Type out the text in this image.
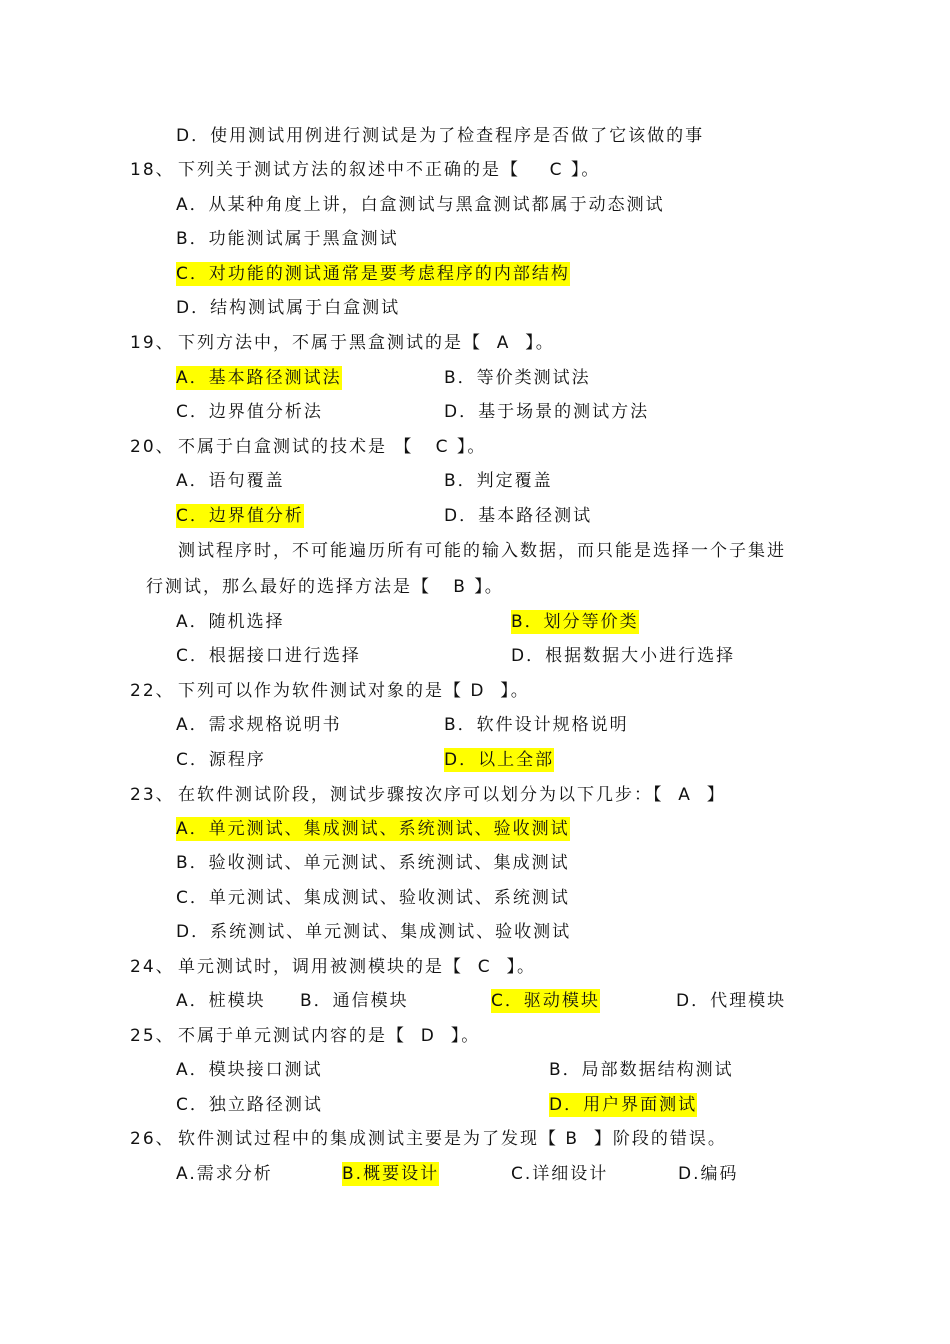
D．使用测试用例进行测试是为了检查程序是否做了它该做的事
18、 下列关于测试方法的叙述中不正确的是【    C 】。
A．从某种角度上讲，白盒测试与黑盒测试都属于动态测试
B．功能测试属于黑盒测试
C．对功能的测试通常是要考虑程序的内部结构
D．结构测试属于白盒测试
19、 下列方法中，不属于黑盒测试的是【  A  】。
A．基本路径测试法	B．等价类测试法
C．边界值分析法	D．基于场景的测试方法
20、 不属于白盒测试的技术是 【   C 】。
A．语句覆盖	B．判定覆盖
C．边界值分析	D．基本路径测试
测试程序时，不可能遍历所有可能的输入数据，而只能是选择一个子集进
行测试，那么最好的选择方法是【   B 】。
A．随机选择	B．划分等价类
C．根据接口进行选择	D．根据数据大小进行选择
22、 下列可以作为软件测试对象的是【 D  】。
A．需求规格说明书	B．软件设计规格说明
C．源程序	D．以上全部
23、 在软件测试阶段，测试步骤按次序可以划分为以下几步：【  A  】
A．单元测试、集成测试、系统测试、验收测试
B．验收测试、单元测试、系统测试、集成测试
C．单元测试、集成测试、验收测试、系统测试
D．系统测试、单元测试、集成测试、验收测试
24、 单元测试时，调用被测模块的是【  C  】。
A．桩模块 B．通信模块	C．驱动模块	D．代理模块
25、 不属于单元测试内容的是【  D  】。
A．模块接口测试	B．局部数据结构测试
C．独立路径测试	D．用户界面测试
26、 软件测试过程中的集成测试主要是为了发现【 B  】阶段的错误。
A.需求分析	B.概要设计	C.详细设计	D.编码
